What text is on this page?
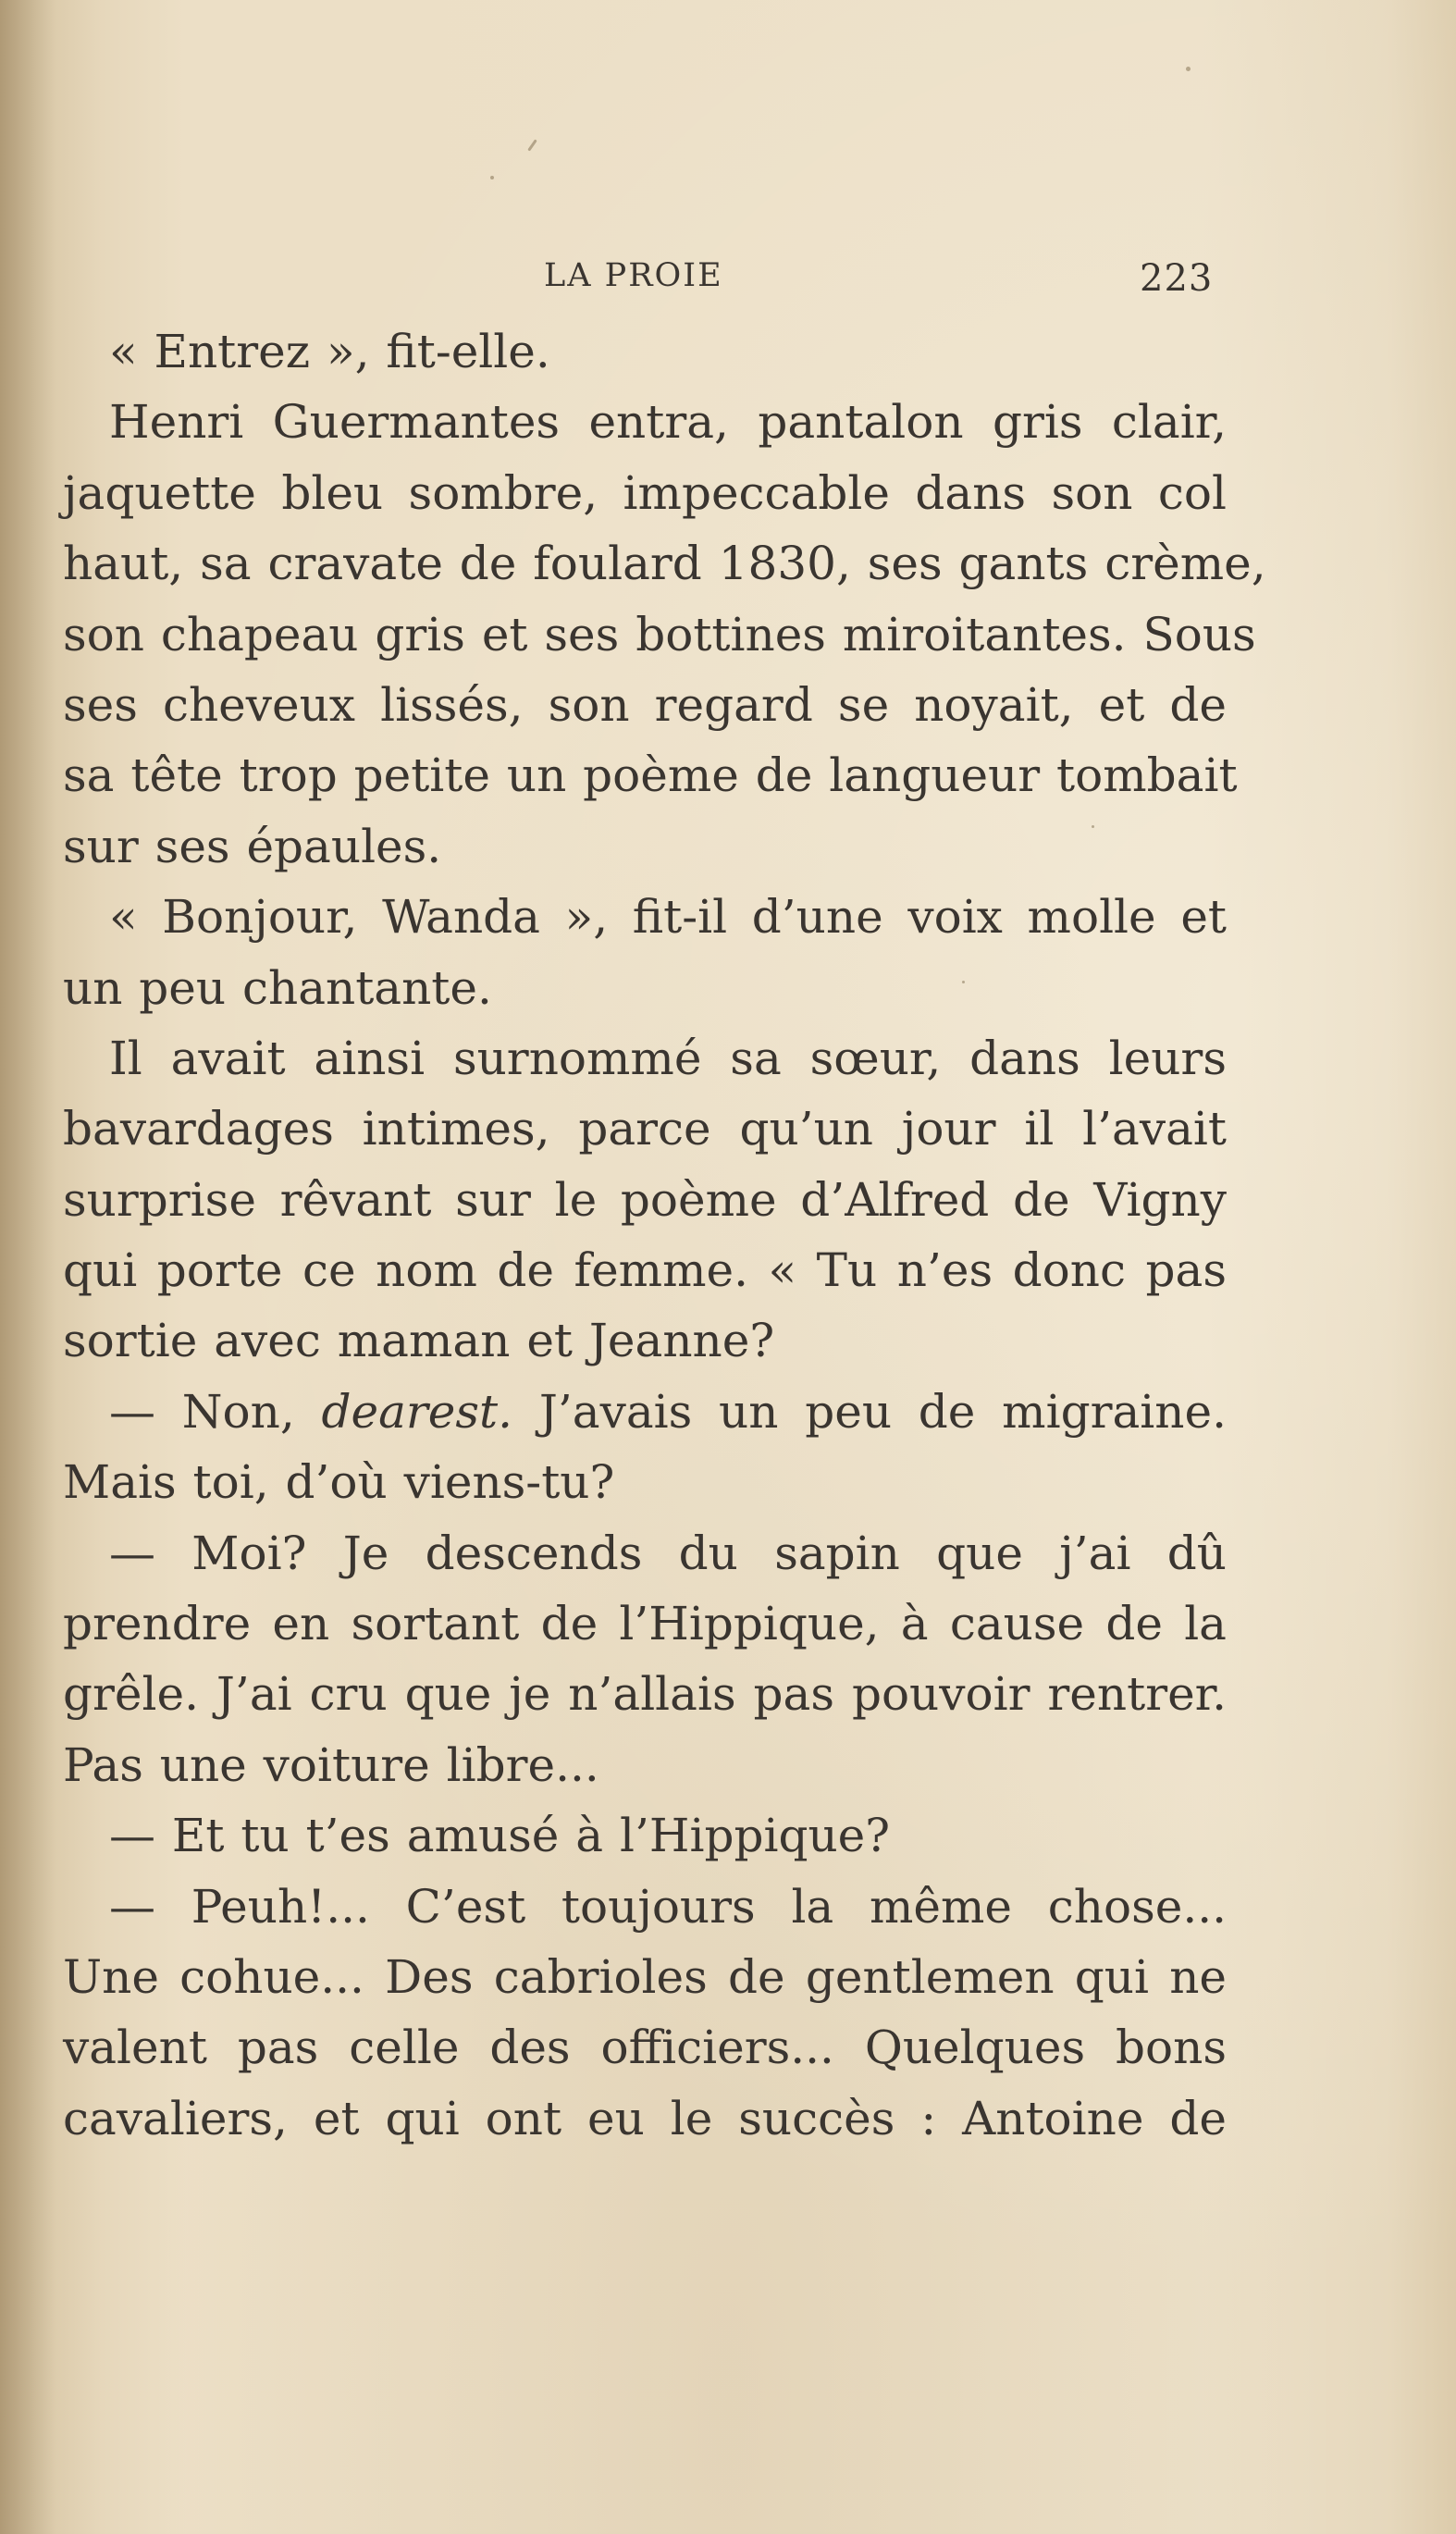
LA PROIE	223
« Entrez », fit-elle.
Henri Guermantes entra, pantalon gris clair,
jaquette bleu sombre, impeccable dans son col
haut, sa cravate de foulard 1830, ses gants crème,
son chapeau gris et ses bottines miroitantes. Sous
ses cheveux lissés, son regard se noyait, et de
sa tête trop petite un poème de langueur tombait
sur ses épaules.
« Bonjour, Wanda », fit-il d’une voix molle et
un peu chantante.
Il avait ainsi surnommé sa sœur, dans leurs
bavardages intimes, parce qu’un jour il l’avait
surprise rêvant sur le poème d’Alfred de Vigny
qui porte ce nom de femme. « Tu n’es donc pas
sortie avec maman et Jeanne?
— Non, dearest. J’avais un peu de migraine.
Mais toi, d’où viens-tu?
— Moi? Je descends du sapin que j’ai dû
prendre en sortant de l’Hippique, à cause de la
grêle. J’ai cru que je n’allais pas pouvoir rentrer.
Pas une voiture libre...
— Et tu t’es amusé à l’Hippique?
— Peuh!... C’est toujours la même chose...
Une cohue... Des cabrioles de gentlemen qui ne
valent pas celle des officiers... Quelques bons
cavaliers, et qui ont eu le succès : Antoine de
